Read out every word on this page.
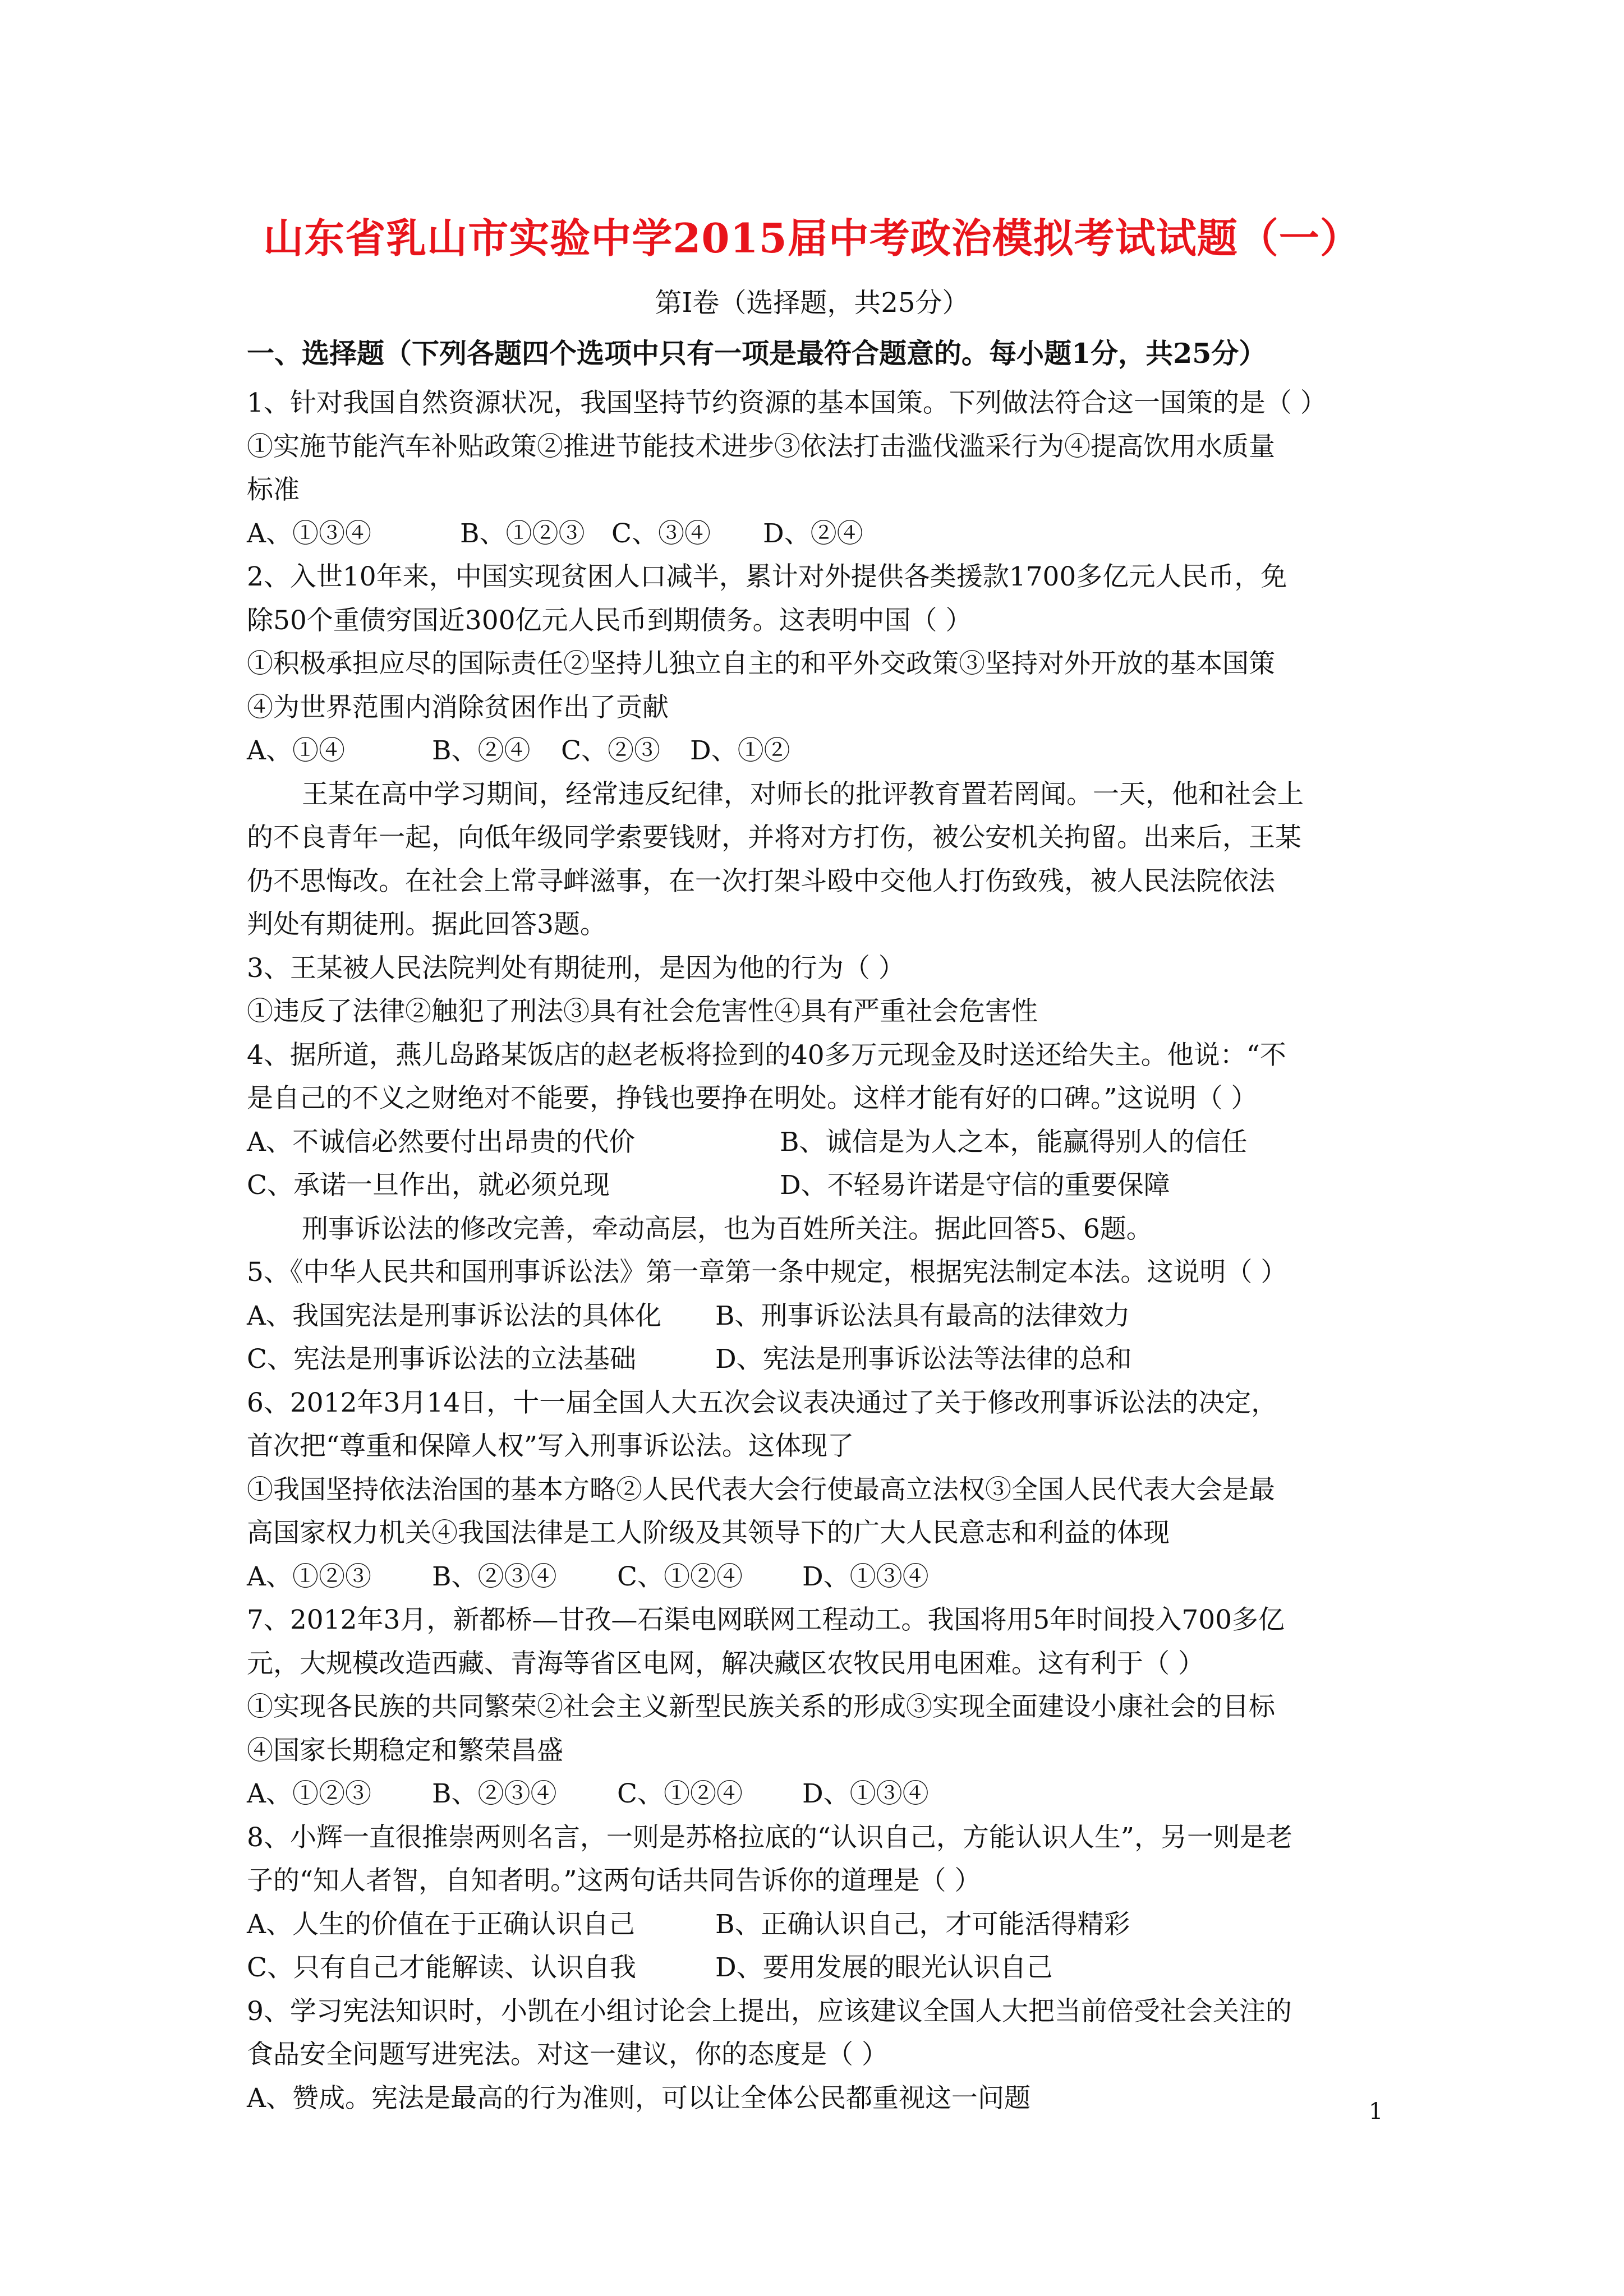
山东省乳山市实验中学2015届中考政治模拟考试试题（一）
第Ⅰ卷（选择题，共25分）
一、选择题（下列各题四个选项中只有一项是最符合题意的。每小题1分，共25分）
1、针对我国自然资源状况，我国坚持节约资源的基本国策。下列做法符合这一国策的是（ ）
①实施节能汽车补贴政策②推进节能技术进步③依法打击滥伐滥采行为④提高饮用水质量
标准
A、①③④	B、①②③	C、③④	D、②④
2、入世10年来，中国实现贫困人口减半，累计对外提供各类援款1700多亿元人民币，免
除50个重债穷国近300亿元人民币到期债务。这表明中国（ ）
①积极承担应尽的国际责任②坚持儿独立自主的和平外交政策③坚持对外开放的基本国策
④为世界范围内消除贫困作出了贡献
A、①④	B、②④	C、②③	D、①②
王某在高中学习期间，经常违反纪律，对师长的批评教育置若罔闻。一天，他和社会上
的不良青年一起，向低年级同学索要钱财，并将对方打伤，被公安机关拘留。出来后，王某
仍不思悔改。在社会上常寻衅滋事，在一次打架斗殴中交他人打伤致残，被人民法院依法
判处有期徒刑。据此回答3题。
3、王某被人民法院判处有期徒刑，是因为他的行为（ ）
①违反了法律②触犯了刑法③具有社会危害性④具有严重社会危害性
4、据所道，燕儿岛路某饭店的赵老板将捡到的40多万元现金及时送还给失主。他说：“不
是自己的不义之财绝对不能要，挣钱也要挣在明处。这样才能有好的口碑。”这说明（ ）
A、不诚信必然要付出昂贵的代价	B、诚信是为人之本，能赢得别人的信任
C、承诺一旦作出，就必须兑现	D、不轻易许诺是守信的重要保障
刑事诉讼法的修改完善，牵动高层，也为百姓所关注。据此回答5、6题。
5、《中华人民共和国刑事诉讼法》第一章第一条中规定，根据宪法制定本法。这说明（ ）
A、我国宪法是刑事诉讼法的具体化	B、刑事诉讼法具有最高的法律效力
C、宪法是刑事诉讼法的立法基础	D、宪法是刑事诉讼法等法律的总和
6、2012年3月14日，十一届全国人大五次会议表决通过了关于修改刑事诉讼法的决定，
首次把“尊重和保障人权”写入刑事诉讼法。这体现了
①我国坚持依法治国的基本方略②人民代表大会行使最高立法权③全国人民代表大会是最
高国家权力机关④我国法律是工人阶级及其领导下的广大人民意志和利益的体现
A、①②③	B、②③④	C、①②④	D、①③④
7、2012年3月，新都桥—甘孜—石渠电网联网工程动工。我国将用5年时间投入700多亿
元，大规模改造西藏、青海等省区电网，解决藏区农牧民用电困难。这有利于（ ）
①实现各民族的共同繁荣②社会主义新型民族关系的形成③实现全面建设小康社会的目标
④国家长期稳定和繁荣昌盛
A、①②③	B、②③④	C、①②④	D、①③④
8、小辉一直很推崇两则名言，一则是苏格拉底的“认识自己，方能认识人生”，另一则是老
子的“知人者智，自知者明。”这两句话共同告诉你的道理是（ ）
A、人生的价值在于正确认识自己	B、正确认识自己，才可能活得精彩
C、只有自己才能解读、认识自我	D、要用发展的眼光认识自己
9、学习宪法知识时，小凯在小组讨论会上提出，应该建议全国人大把当前倍受社会关注的
食品安全问题写进宪法。对这一建议，你的态度是（ ）
A、赞成。宪法是最高的行为准则，可以让全体公民都重视这一问题	1
